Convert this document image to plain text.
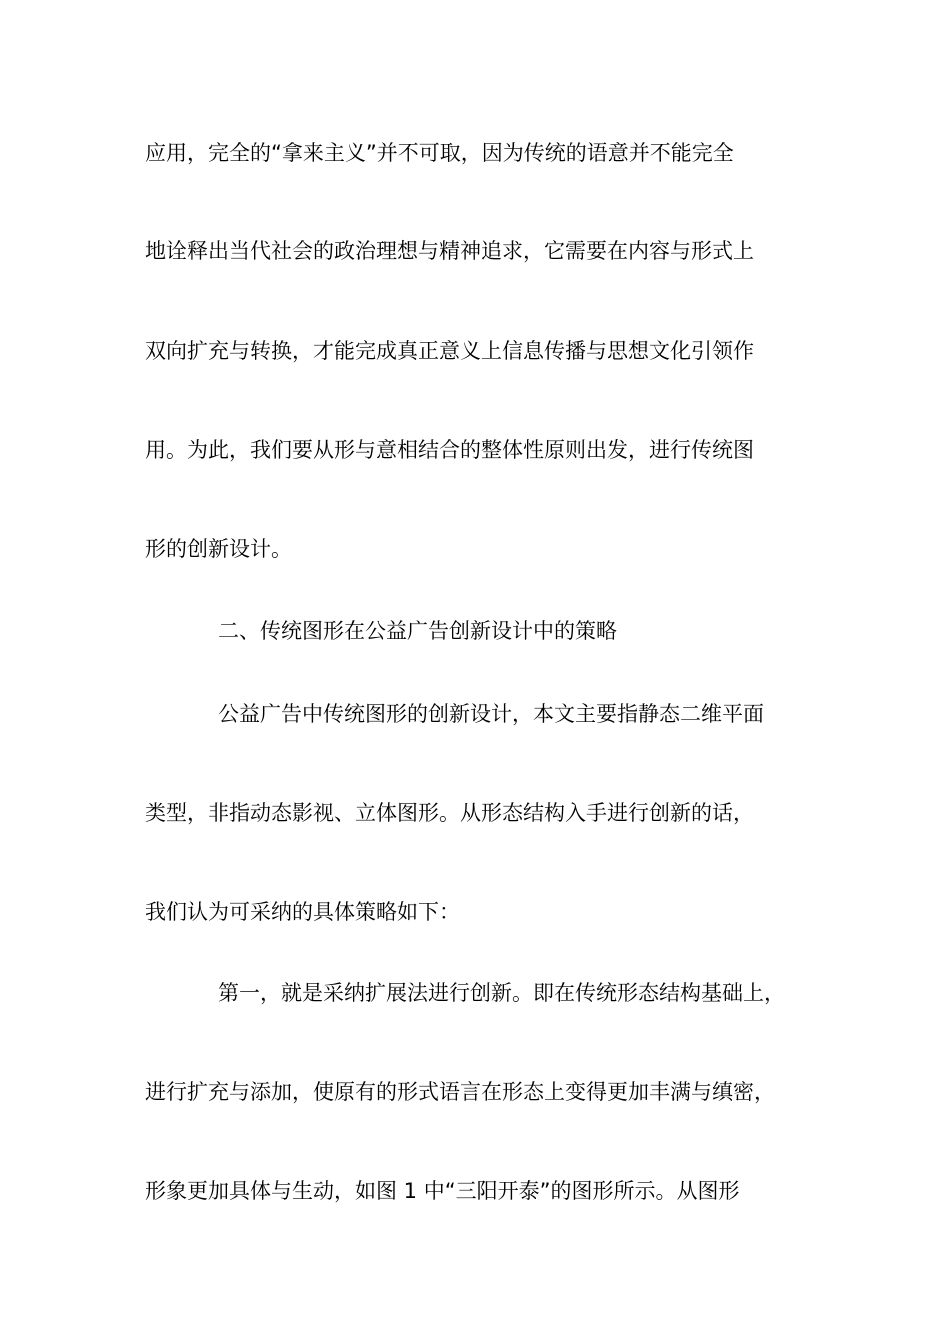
应用，完全的“拿来主义”并不可取，因为传统的语意并不能完全
地诠释出当代社会的政治理想与精神追求，它需要在内容与形式上
双向扩充与转换，才能完成真正意义上信息传播与思想文化引领作
用。为此，我们要从形与意相结合的整体性原则出发，进行传统图
形的创新设计。
二、传统图形在公益广告创新设计中的策略
公益广告中传统图形的创新设计，本文主要指静态二维平面
类型，非指动态影视、立体图形。从形态结构入手进行创新的话，
我们认为可采纳的具体策略如下：
第一，就是采纳扩展法进行创新。即在传统形态结构基础上，
进行扩充与添加，使原有的形式语言在形态上变得更加丰满与缜密，
形象更加具体与生动，如图 1 中“三阳开泰”的图形所示。从图形
